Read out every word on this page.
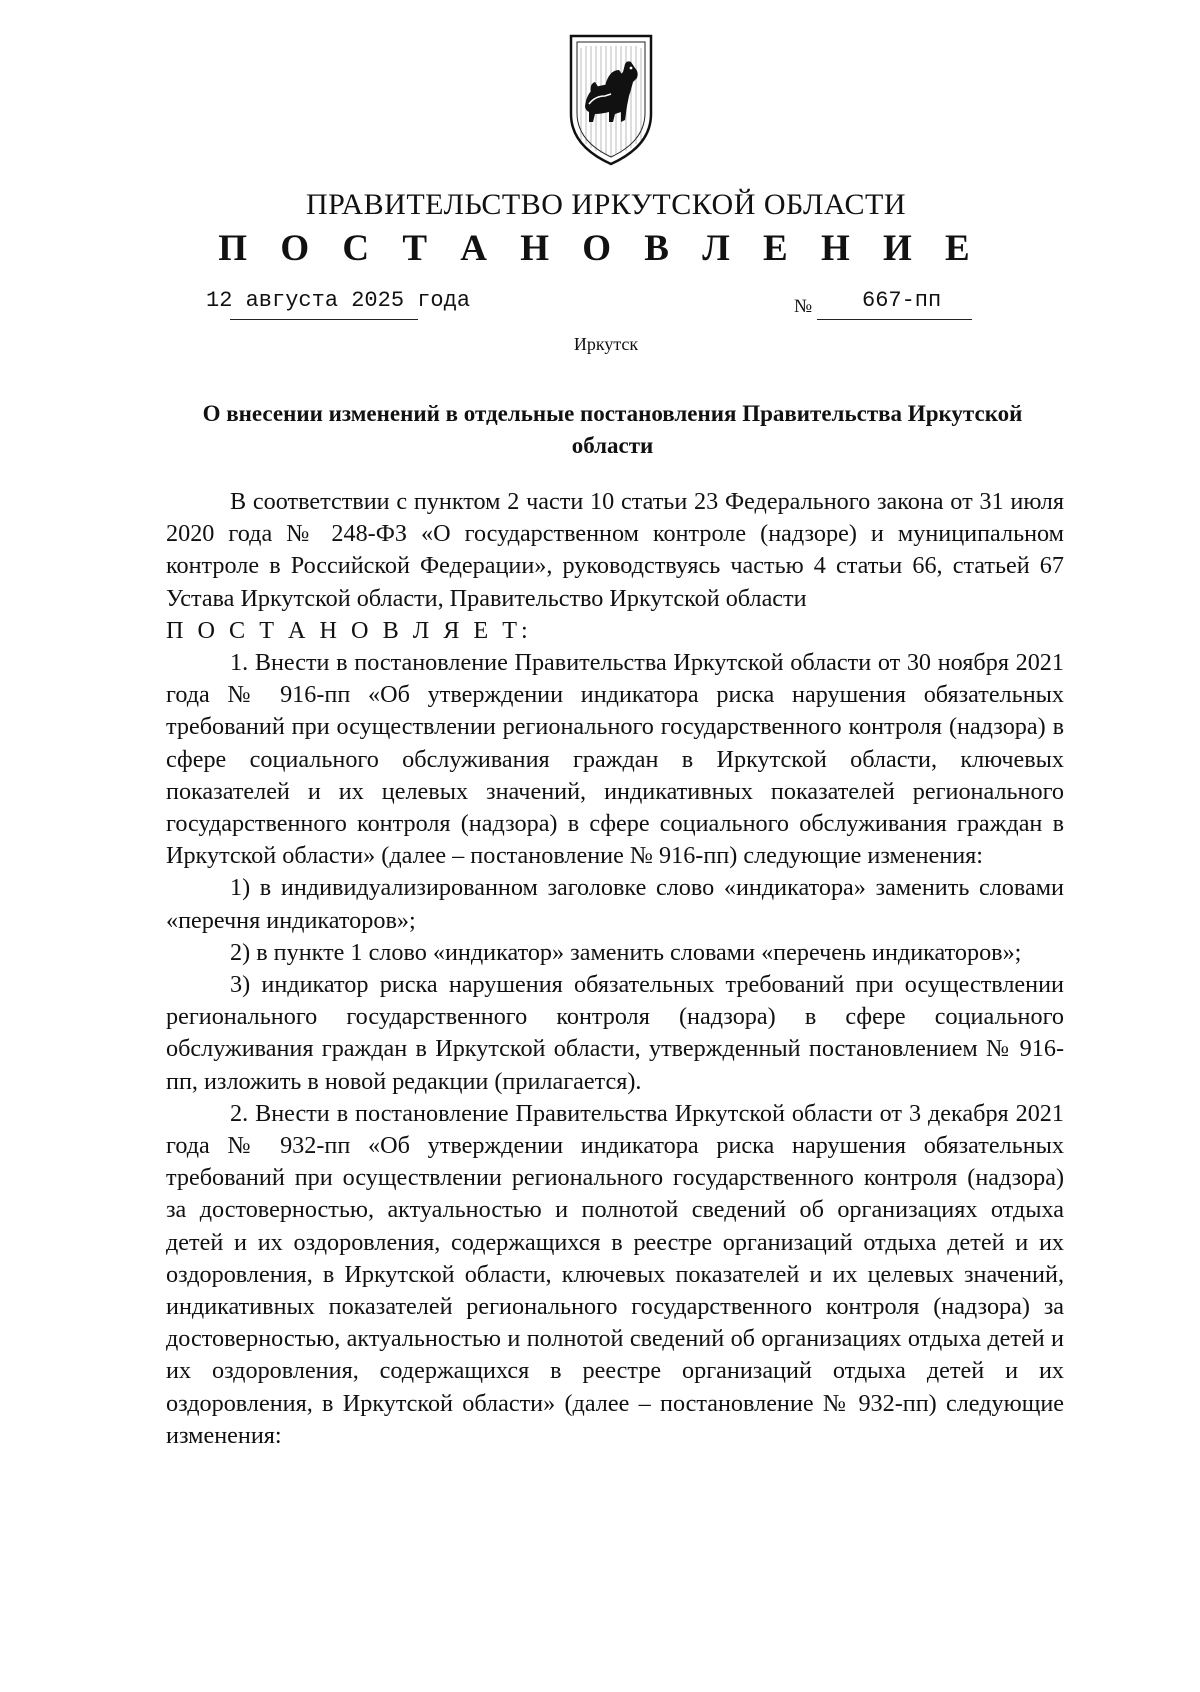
ПРАВИТЕЛЬСТВО ИРКУТСКОЙ ОБЛАСТИ
П О С Т А Н О В Л Е Н И Е
12 августа 2025 года	№ 667-пп
Иркутск
О внесении изменений в отдельные постановления Правительства Иркутской области

В соответствии с пунктом 2 части 10 статьи 23 Федерального закона от 31 июля 2020 года № 248-ФЗ «О государственном контроле (надзоре) и муниципальном контроле в Российской Федерации», руководствуясь частью 4 статьи 66, статьей 67 Устава Иркутской области, Правительство Иркутской области

П О С Т А Н О В Л Я Е Т:

1. Внести в постановление Правительства Иркутской области от 30 ноября 2021 года № 916-пп «Об утверждении индикатора риска нарушения обязательных требований при осуществлении регионального государственного контроля (надзора) в сфере социального обслуживания граждан в Иркутской области, ключевых показателей и их целевых значений, индикативных показателей регионального государственного контроля (надзора) в сфере социального обслуживания граждан в Иркутской области» (далее – постановление № 916-пп) следующие изменения:

1) в индивидуализированном заголовке слово «индикатора» заменить словами «перечня индикаторов»;

2) в пункте 1 слово «индикатор» заменить словами «перечень индикаторов»;

3) индикатор риска нарушения обязательных требований при осуществлении регионального государственного контроля (надзора) в сфере социального обслуживания граждан в Иркутской области, утвержденный постановлением № 916-пп, изложить в новой редакции (прилагается).

2. Внести в постановление Правительства Иркутской области от 3 декабря 2021 года № 932-пп «Об утверждении индикатора риска нарушения обязательных требований при осуществлении регионального государственного контроля (надзора) за достоверностью, актуальностью и полнотой сведений об организациях отдыха детей и их оздоровления, содержащихся в реестре организаций отдыха детей и их оздоровления, в Иркутской области, ключевых показателей и их целевых значений, индикативных показателей регионального государственного контроля (надзора) за достоверностью, актуальностью и полнотой сведений об организациях отдыха детей и их оздоровления, содержащихся в реестре организаций отдыха детей и их оздоровления, в Иркутской области» (далее – постановление № 932-пп) следующие изменения:
